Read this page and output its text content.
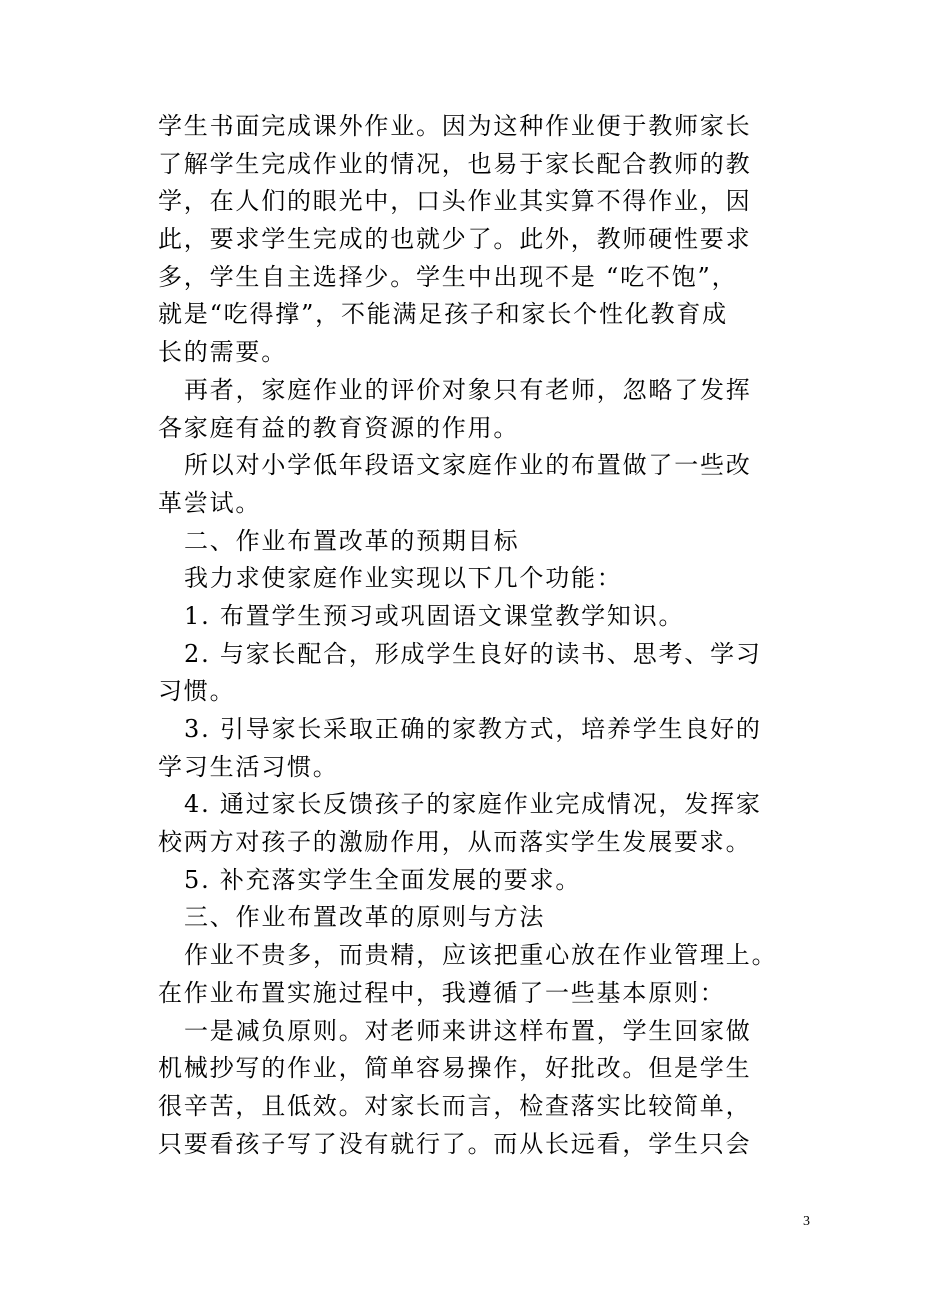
学生书面完成课外作业。因为这种作业便于教师家长
了解学生完成作业的情况，也易于家长配合教师的教
学，在人们的眼光中，口头作业其实算不得作业，因
此，要求学生完成的也就少了。此外，教师硬性要求
多，学生自主选择少。学生中出现不是 “吃不饱”，
就是“吃得撑”，不能满足孩子和家长个性化教育成
长的需要。
再者，家庭作业的评价对象只有老师，忽略了发挥
各家庭有益的教育资源的作用。
所以对小学低年段语文家庭作业的布置做了一些改
革尝试。
二、作业布置改革的预期目标
我力求使家庭作业实现以下几个功能：
1. 布置学生预习或巩固语文课堂教学知识。
2. 与家长配合，形成学生良好的读书、思考、学习
习惯。
3. 引导家长采取正确的家教方式，培养学生良好的
学习生活习惯。
4. 通过家长反馈孩子的家庭作业完成情况，发挥家
校两方对孩子的激励作用，从而落实学生发展要求。
5. 补充落实学生全面发展的要求。
三、作业布置改革的原则与方法
作业不贵多，而贵精，应该把重心放在作业管理上。
在作业布置实施过程中，我遵循了一些基本原则：
一是减负原则。对老师来讲这样布置，学生回家做
机械抄写的作业，简单容易操作，好批改。但是学生
很辛苦，且低效。对家长而言，检查落实比较简单，
只要看孩子写了没有就行了。而从长远看，学生只会
3
